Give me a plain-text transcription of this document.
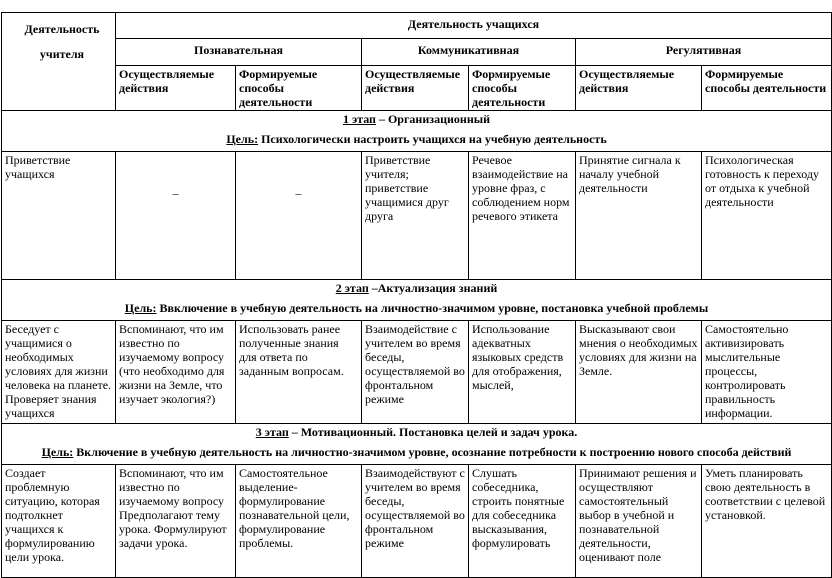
Деятельность
учителя	Деятельность учащихся					
	Познавательная		Коммуникативная		Регулятивная	
	Осуществляемые действия	Формируемые способы деятельности	Осуществляемые действия	Формируемые способы деятельности	Осуществляемые действия	Формируемые способы деятельности

1 этап – Организационный
Цель: Психологически настроить учащихся на учебную деятельность						

Приветствие учащихся	_	_	Приветствие учителя; приветствие учащимися друг друга	Речевое взаимодействие на уровне фраз, с соблюдением норм речевого этикета	Принятие сигнала к началу учебной деятельности	Психологическая готовность к переходу от отдыха к учебной деятельности

2 этап –Актуализация знаний
Цель: Ввключение в учебную деятельность на личностно-значимом уровне, постановка учебной проблемы						

Беседует с учащимися о необходимых условиях для жизни человека на планете. Проверяет знания учащихся	Вспоминают, что им известно по изучаемому вопросу (что необходимо для жизни на Земле, что изучает экология?)	Использовать ранее полученные знания для ответа по заданным вопросам.	Взаимодействие с учителем во время беседы, осуществляемой во фронтальном режиме	Использование адекватных языковых средств для отображения, мыслей,	Высказывают свои мнения о необходимых условиях для жизни на Земле.	Самостоятельно активизировать мыслительные процессы, контролировать правильность информации.

3 этап – Мотивационный. Постановка целей и задач урока.
Цель: Включение в учебную деятельность на личностно-значимом уровне, осознание потребности к построению нового способа действий						

Создает проблемную ситуацию, которая подтолкнет учащихся к формулированию цели урока.	Вспоминают, что им известно по изучаемому вопросу Предполагают тему урока. Формулируют задачи урока.	Самостоятельное выделение- формулирование познавательной цели, формулирование проблемы.	Взаимодействуют с учителем во время беседы, осуществляемой во фронтальном режиме	Слушать собеседника, строить понятные для собеседника высказывания, формулировать	Принимают решения и осуществляют самостоятельный выбор в учебной и познавательной деятельности, оценивают поле	Уметь планировать свою деятельность в соответствии с целевой установкой.
